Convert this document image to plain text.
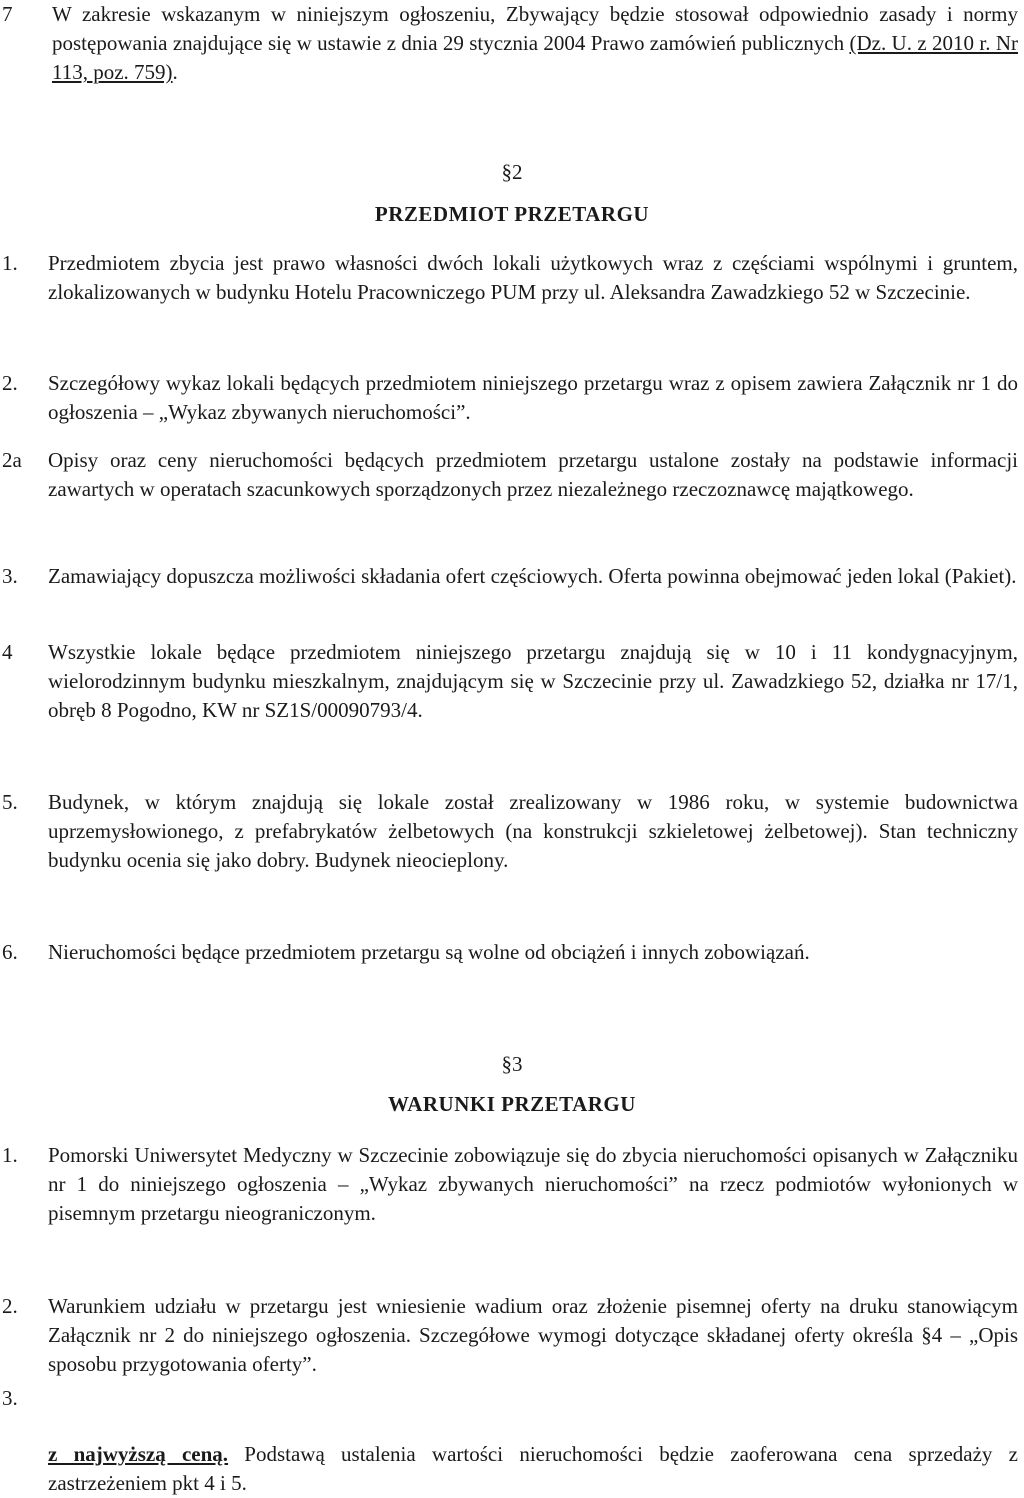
7 W zakresie wskazanym w niniejszym ogłoszeniu, Zbywający będzie stosował odpowiednio zasady i normy postępowania znajdujące się w ustawie z dnia 29 stycznia 2004 Prawo zamówień publicznych (Dz. U. z 2010 r. Nr 113, poz. 759).
§2
PRZEDMIOT PRZETARGU
1. Przedmiotem zbycia jest prawo własności dwóch lokali użytkowych wraz z częściami wspólnymi i gruntem, zlokalizowanych w budynku Hotelu Pracowniczego PUM przy ul. Aleksandra Zawadzkiego 52 w Szczecinie.
2. Szczegółowy wykaz lokali będących przedmiotem niniejszego przetargu wraz z opisem zawiera Załącznik nr 1 do ogłoszenia – „Wykaz zbywanych nieruchomości”.
2a Opisy oraz ceny nieruchomości będących przedmiotem przetargu ustalone zostały na podstawie informacji zawartych w operatach szacunkowych sporządzonych przez niezależnego rzeczoznawcę majątkowego.
3. Zamawiający dopuszcza możliwości składania ofert częściowych. Oferta powinna obejmować jeden lokal (Pakiet).
4 Wszystkie lokale będące przedmiotem niniejszego przetargu znajdują się w 10 i 11 kondygnacyjnym, wielorodzinnym budynku mieszkalnym, znajdującym się w Szczecinie przy ul. Zawadzkiego 52, działka nr 17/1, obręb 8 Pogodno, KW nr SZ1S/00090793/4.
5. Budynek, w którym znajdują się lokale został zrealizowany w 1986 roku, w systemie budownictwa uprzemysłowionego, z prefabrykatów żelbetowych (na konstrukcji szkieletowej żelbetowej). Stan techniczny budynku ocenia się jako dobry. Budynek nieocieplony.
6. Nieruchomości będące przedmiotem przetargu są wolne od obciążeń i innych zobowiązań.
§3
WARUNKI PRZETARGU
1. Pomorski Uniwersytet Medyczny w Szczecinie zobowiązuje się do zbycia nieruchomości opisanych w Załączniku nr 1 do niniejszego ogłoszenia – „Wykaz zbywanych nieruchomości” na rzecz podmiotów wyłonionych w pisemnym przetargu nieograniczonym.
2. Warunkiem udziału w przetargu jest wniesienie wadium oraz złożenie pisemnej oferty na druku stanowiącym Załącznik nr 2 do niniejszego ogłoszenia. Szczegółowe wymogi dotyczące składanej oferty określa §4 – „Opis sposobu przygotowania oferty”.
3.
z najwyższą ceną. Podstawą ustalenia wartości nieruchomości będzie zaoferowana cena sprzedaży z zastrzeżeniem pkt 4 i 5.
